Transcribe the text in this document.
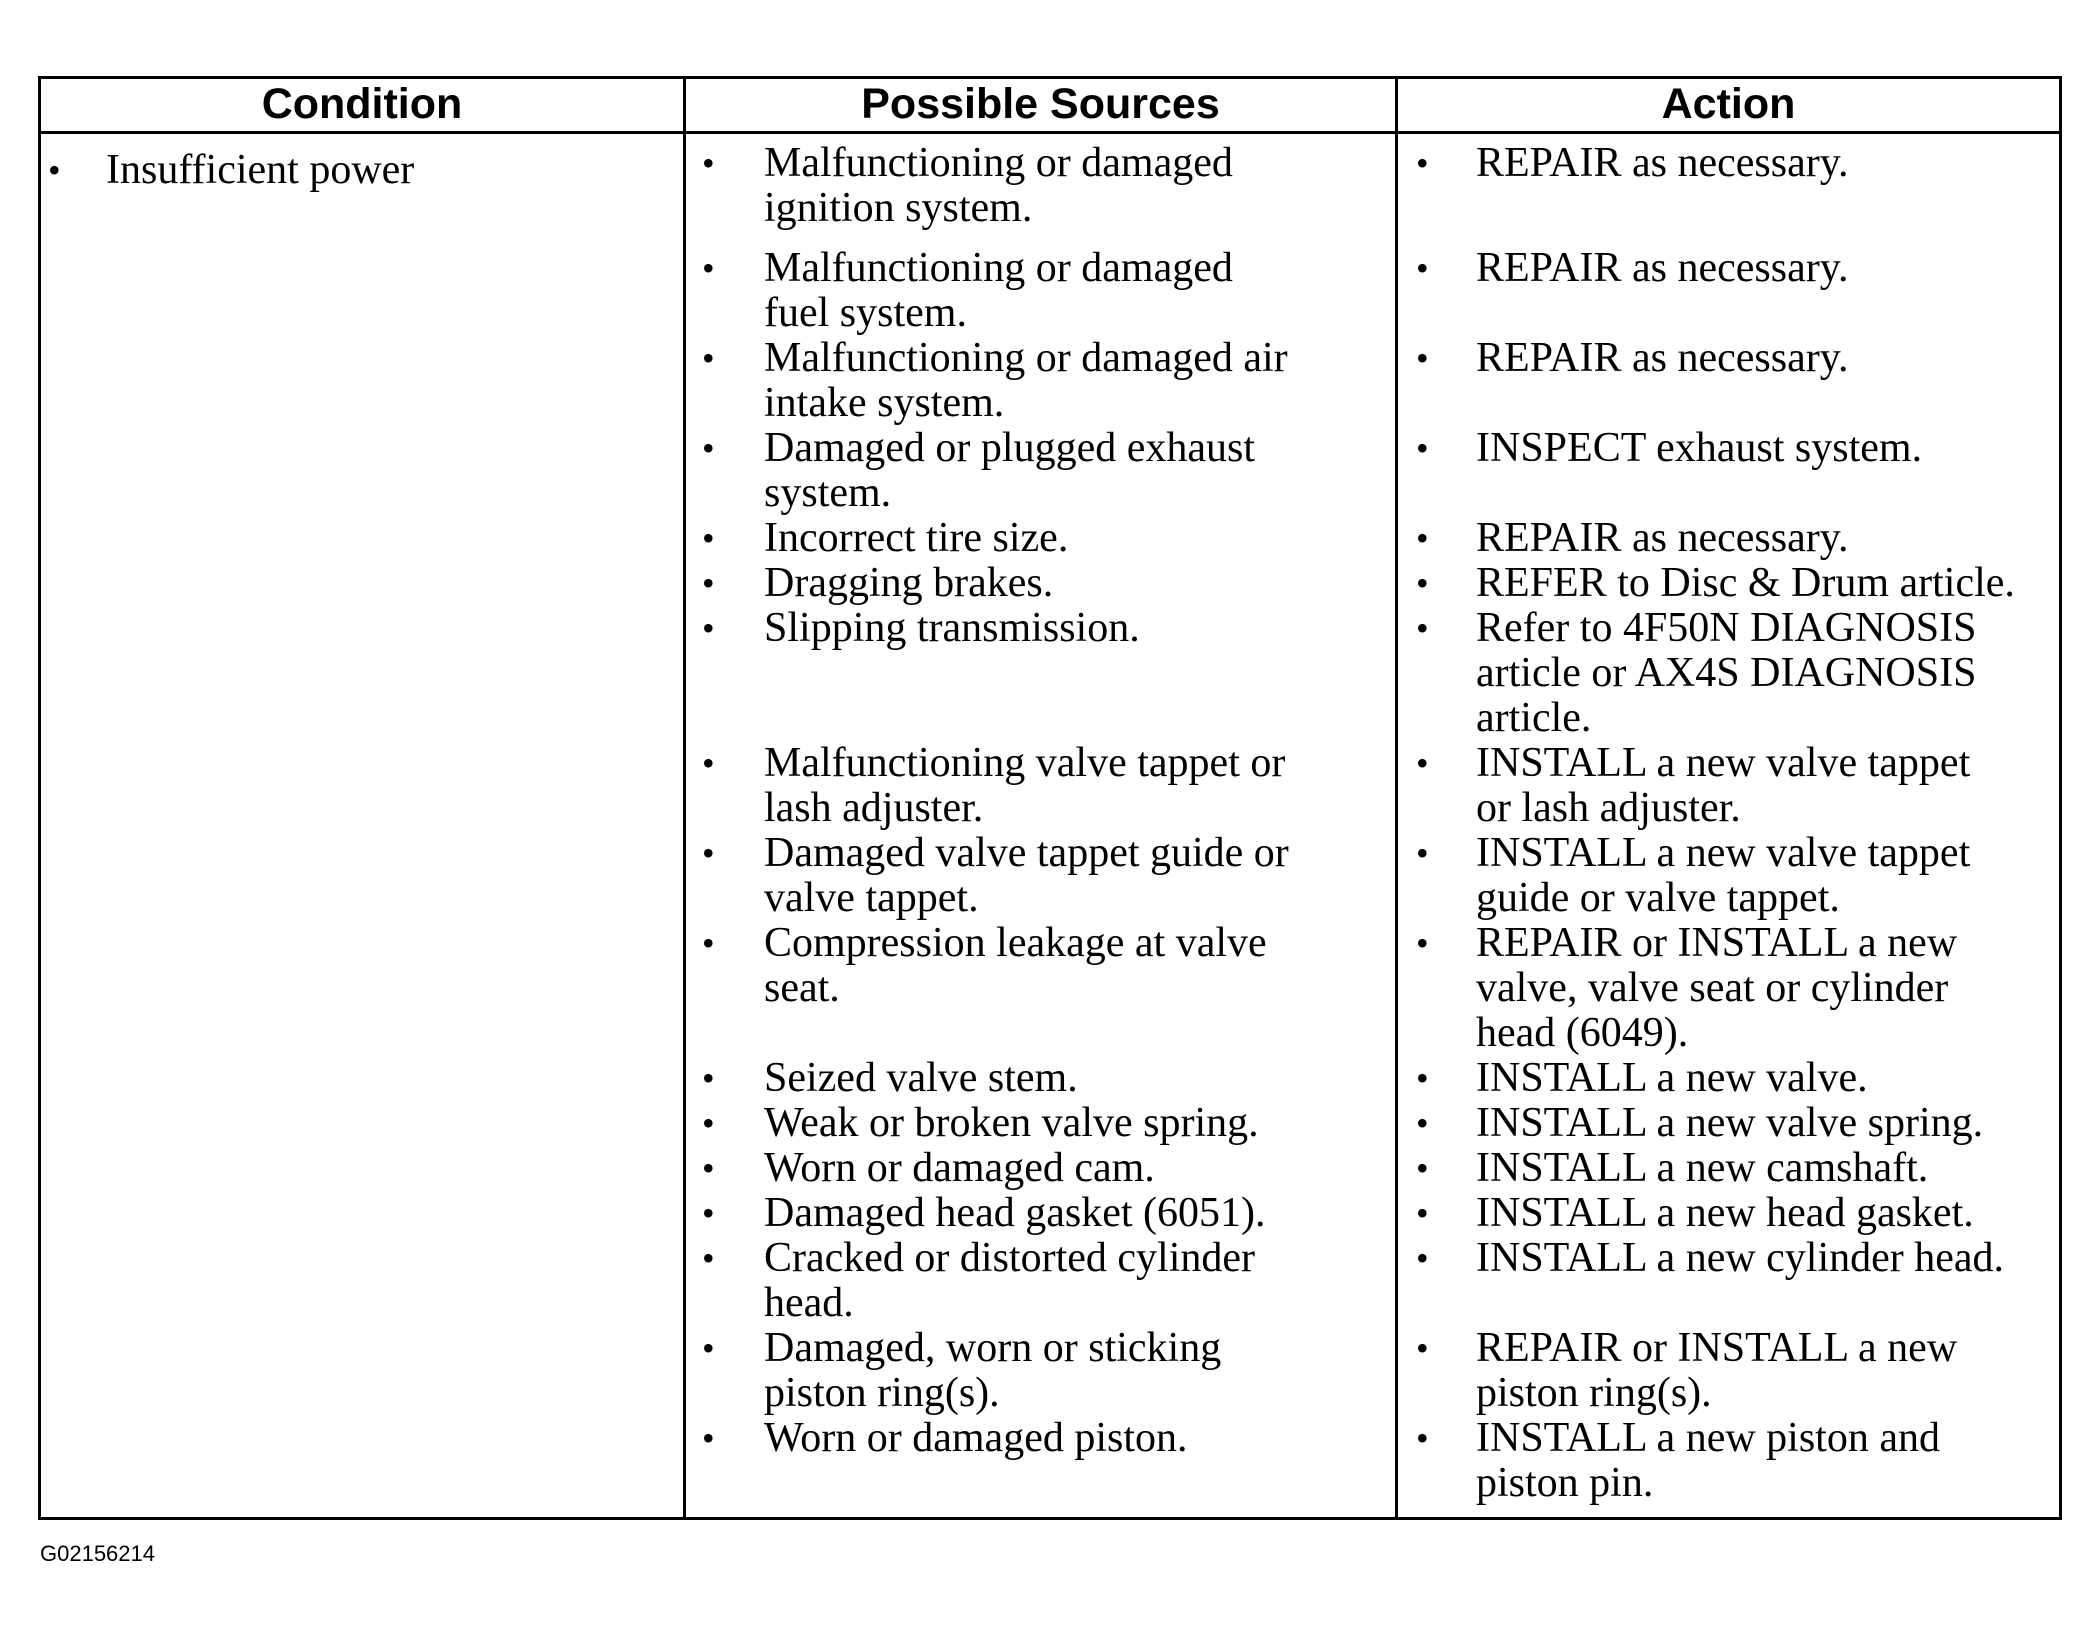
Condition	Possible Sources	Action
• Insufficient power
G02156214
• Malfunctioning or damaged
ignition system.
• Malfunctioning or damaged
fuel system.
• Malfunctioning or damaged air
intake system.
• Damaged or plugged exhaust
system.
• Incorrect tire size.
• Dragging brakes.
• Slipping transmission.
• Malfunctioning valve tappet or
lash adjuster.
• Damaged valve tappet guide or
valve tappet.
• Compression leakage at valve
seat.
• Seized valve stem.
• Weak or broken valve spring.
• Worn or damaged cam.
• Damaged head gasket (6051).
• Cracked or distorted cylinder
head.
• Damaged, worn or sticking
piston ring(s).
• Worn or damaged piston.
• REPAIR as necessary.
• REPAIR as necessary.
• REPAIR as necessary.
• INSPECT exhaust system.
• REPAIR as necessary.
• REFER to Disc & Drum article.
• Refer to 4F50N DIAGNOSIS
article or AX4S DIAGNOSIS
article.
• INSTALL a new valve tappet
or lash adjuster.
• INSTALL a new valve tappet
guide or valve tappet.
• REPAIR or INSTALL a new
valve, valve seat or cylinder
head (6049).
• INSTALL a new valve.
• INSTALL a new valve spring.
• INSTALL a new camshaft.
• INSTALL a new head gasket.
• INSTALL a new cylinder head.
• REPAIR or INSTALL a new
piston ring(s).
• INSTALL a new piston and
piston pin.
